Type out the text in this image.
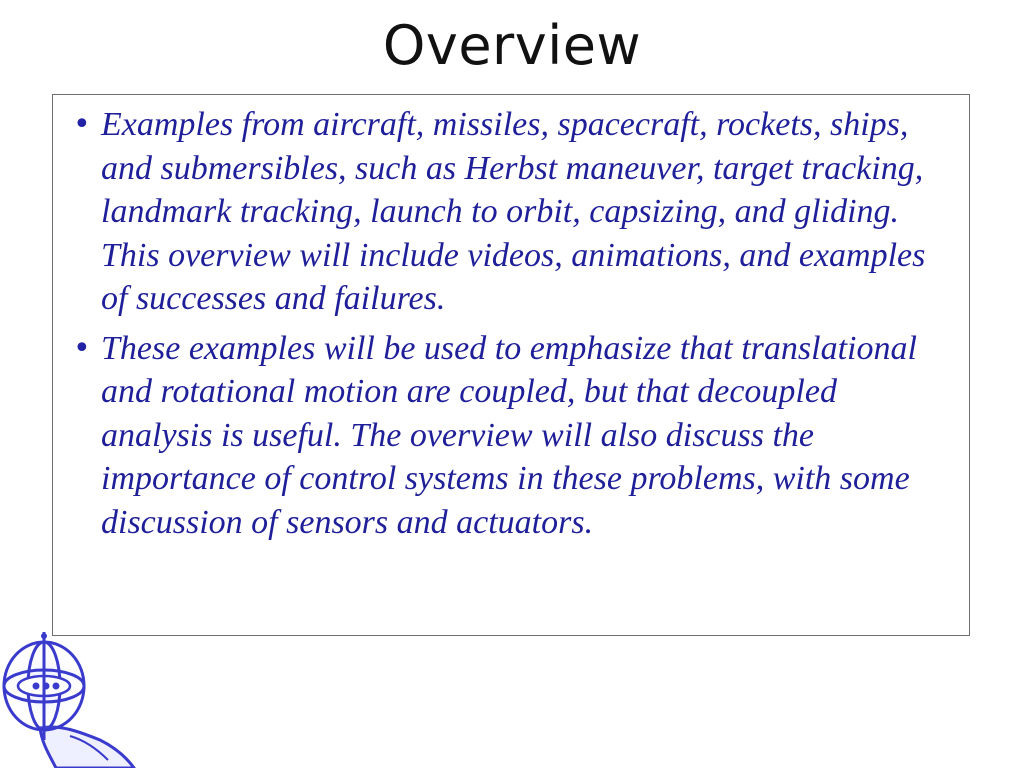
Overview
• Examples from aircraft, missiles, spacecraft, rockets, ships, and submersibles, such as Herbst maneuver, target tracking, landmark tracking, launch to orbit, capsizing, and gliding. This overview will include videos, animations, and examples of successes and failures.
• These examples will be used to emphasize that translational and rotational motion are coupled, but that decoupled analysis is useful. The overview will also discuss the importance of control systems in these problems, with some discussion of sensors and actuators.
